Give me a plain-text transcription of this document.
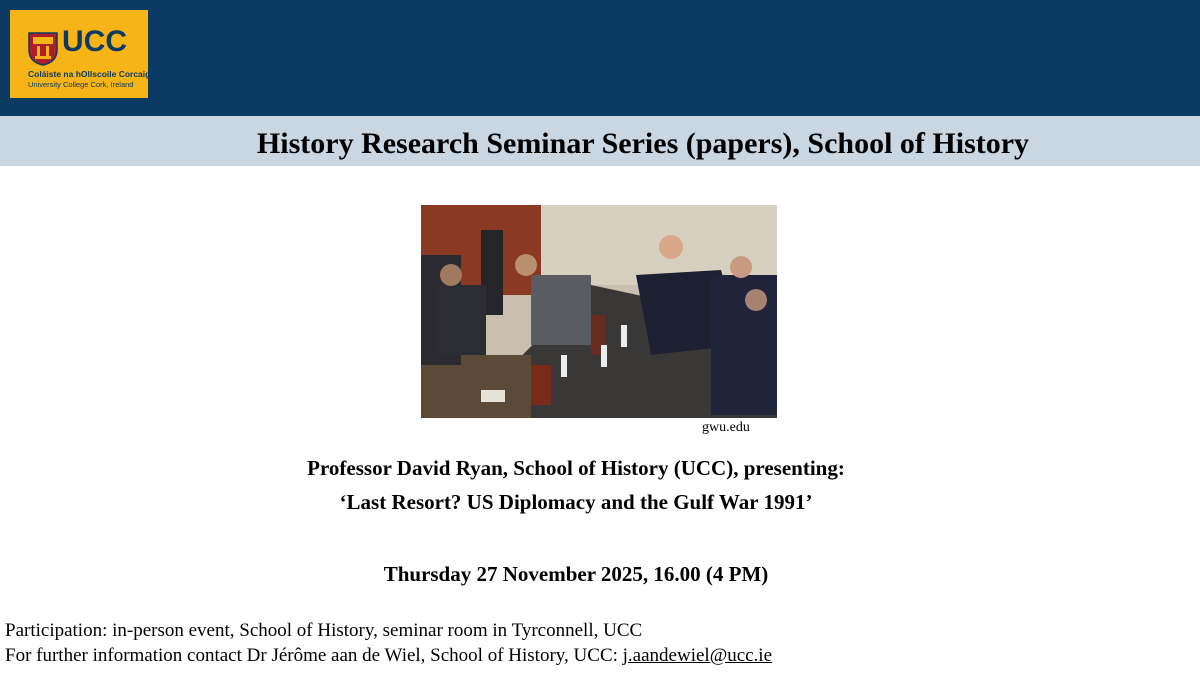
UCC
Coláiste na hOllscoile Corcaigh
University College Cork, Ireland
History Research Seminar Series (papers), School of History
gwu.edu
Professor David Ryan, School of History (UCC), presenting:
‘Last Resort? US Diplomacy and the Gulf War 1991’
Thursday 27 November 2025, 16.00 (4 PM)
Participation: in-person event, School of History, seminar room in Tyrconnell, UCC
For further information contact Dr Jérôme aan de Wiel, School of History, UCC: j.aandewiel@ucc.ie
